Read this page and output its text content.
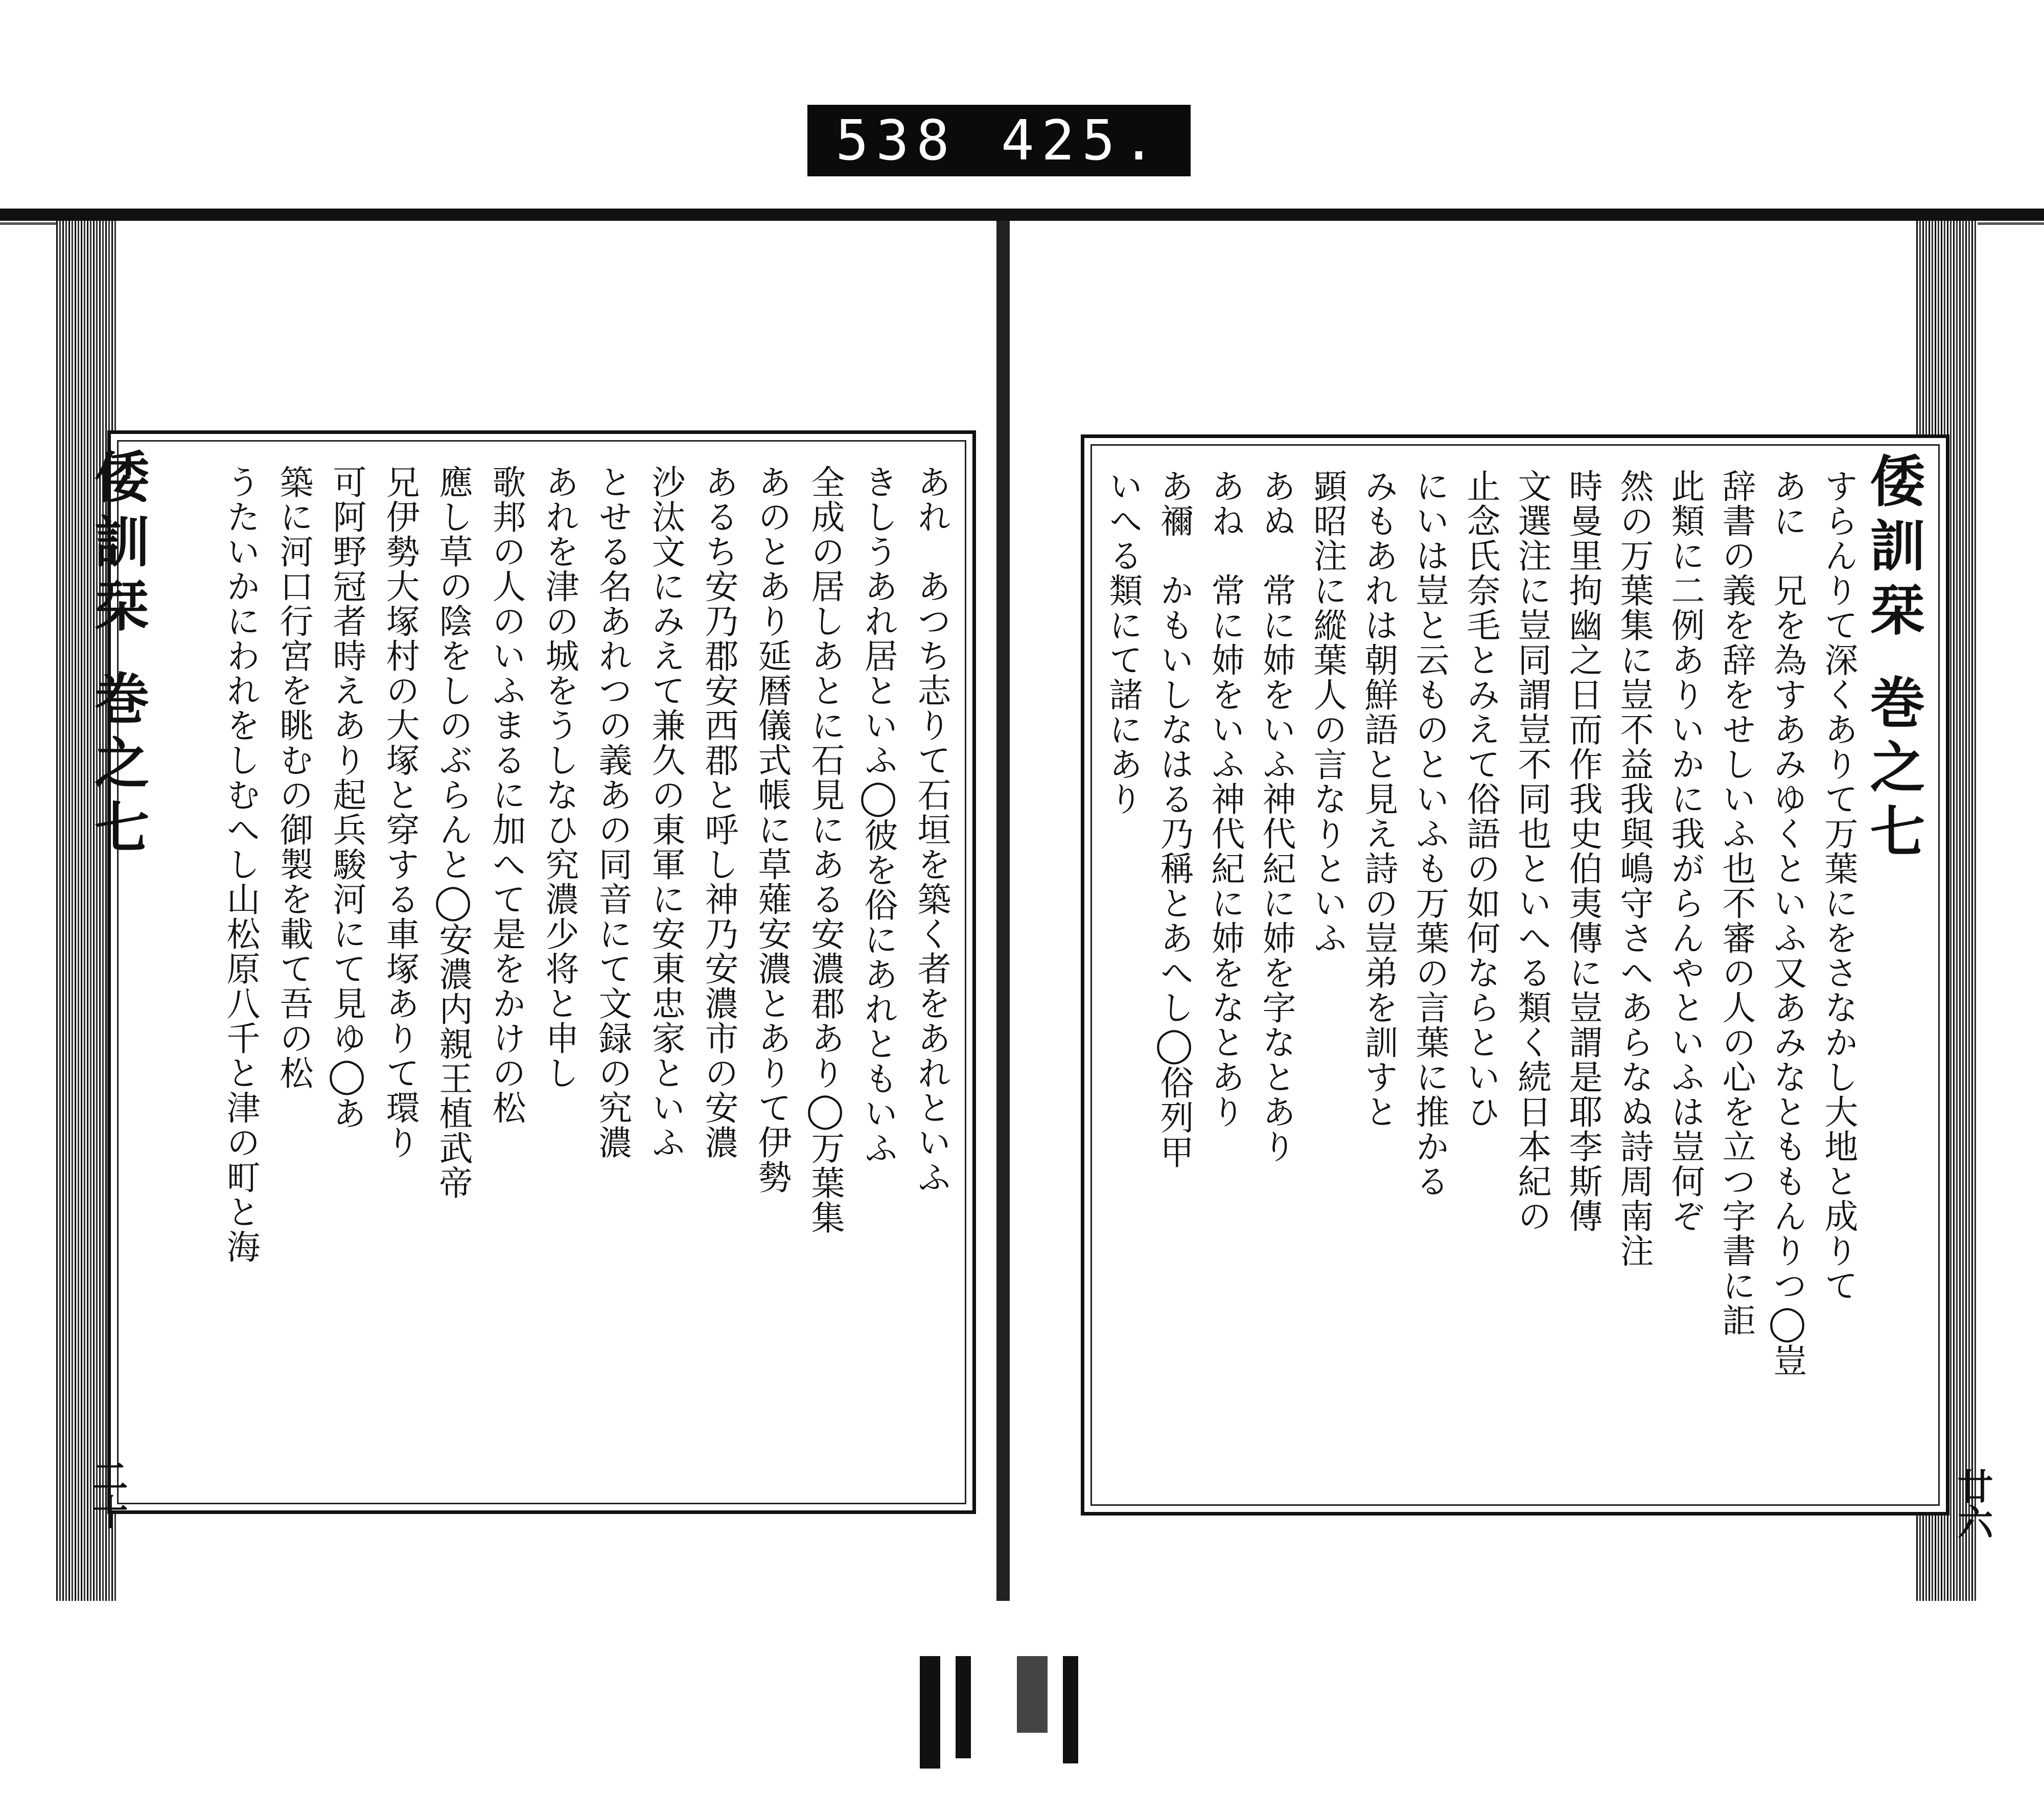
538 425.
倭訓栞 巻之七	あれ　あつち志りて石垣を築く者をあれといふ
きしうあれ居といふ◯彼を俗にあれともいふ
全成の居しあとに石見にある安濃郡あり◯万葉集
あのとあり延暦儀式帳に草薙安濃とありて伊勢
あるち安乃郡安西郡と呼し神乃安濃市の安濃
沙汰文にみえて兼久の東軍に安東忠家といふ
とせる名あれつの義あの同音にて文録の究濃
あれを津の城をうしなひ究濃少将と申し
歌邦の人のいふまるに加へて是をかけの松
應し草の陰をしのぶらんと◯安濃内親王植武帝
兄伊勢大塚村の大塚と穿する車塚ありて環り
可阿野冠者時えあり起兵駿河にて見ゆ◯あ
築に河口行宮を眺むの御製を載て吾の松
うたいかにわれをしむへし山松原八千と津の町と海
二十
倭訓栞 巻之七
すらんりて深くありて万葉にをさなかし大地と成りて
あに　兄を為すあみゆくといふ又あみなとももんりつ◯豈
辞書の義を辞をせしいふ也不審の人の心を立つ字書に詎
此類に二例ありいかに我がらんやといふは豈何ぞ
然の万葉集に豈不益我與嶋守さへあらなぬ詩周南注
時曼里拘幽之日而作我史伯夷傳に豈謂是耶李斯傳
文選注に豈同謂豈不同也といへる類く続日本紀の
止念氏奈毛とみえて俗語の如何ならといひ
にいは豈と云ものといふも万葉の言葉に推かる
みもあれは朝鮮語と見え詩の豈弟を訓すと
顕昭注に縱葉人の言なりといふ
あぬ　常に姉をいふ神代紀に姉を字なとあり
あね　常に姉をいふ神代紀に姉をなとあり
あ禰　かもいしなはる乃稱とあへし◯俗列甲
いへる類にて諸にあり
廿六
